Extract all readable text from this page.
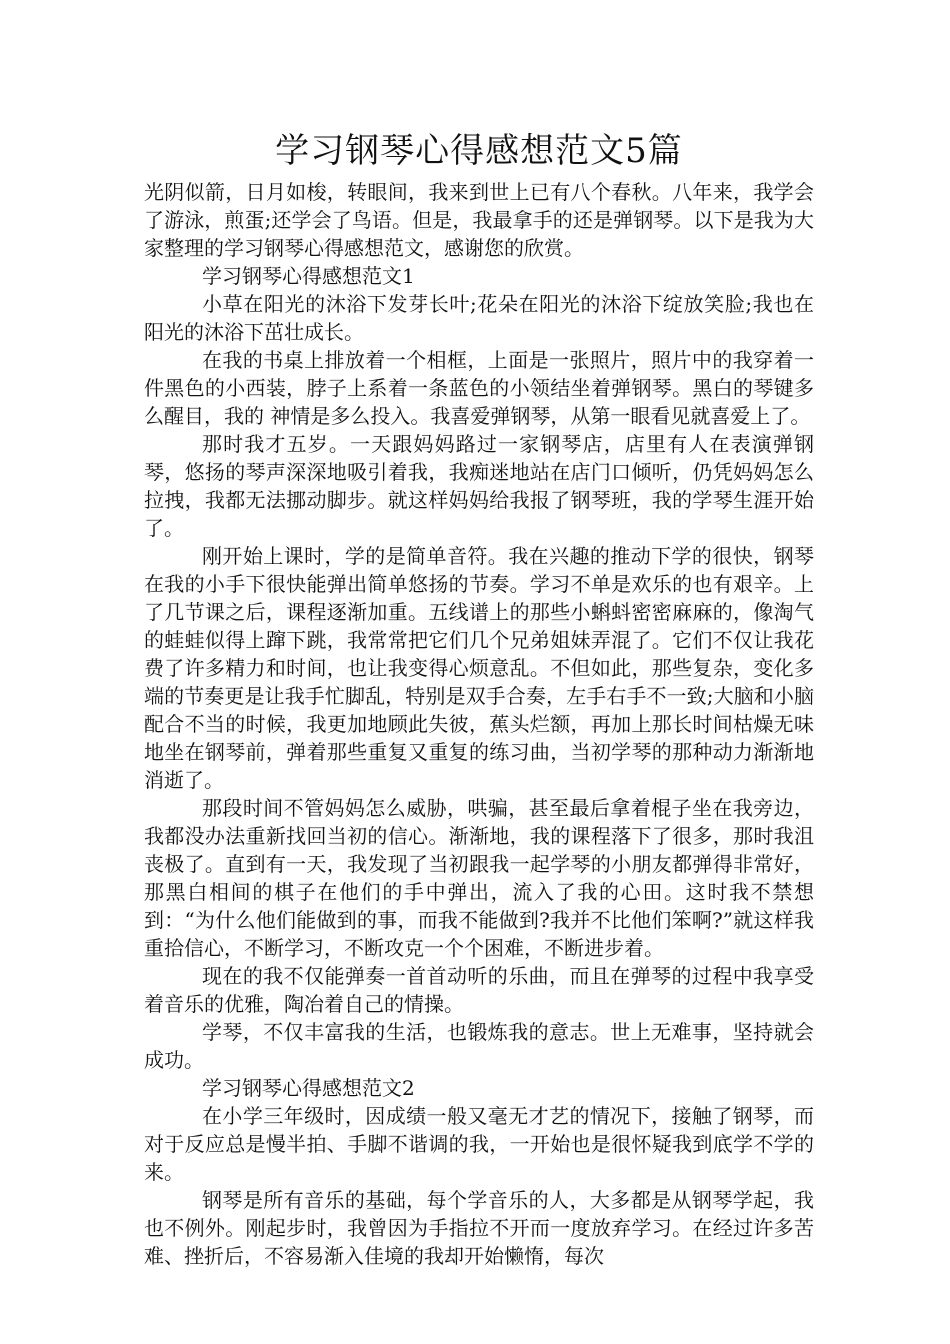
学习钢琴心得感想范文5篇

光阴似箭，日月如梭，转眼间，我来到世上已有八个春秋。八年来，我学会了游泳，煎蛋;还学会了鸟语。但是，我最拿手的还是弹钢琴。以下是我为大家整理的学习钢琴心得感想范文，感谢您的欣赏。

学习钢琴心得感想范文1

小草在阳光的沐浴下发芽长叶;花朵在阳光的沐浴下绽放笑脸;我也在阳光的沐浴下茁壮成长。

在我的书桌上排放着一个相框，上面是一张照片，照片中的我穿着一件黑色的小西装，脖子上系着一条蓝色的小领结坐着弹钢琴。黑白的琴键多么醒目，我的 神情是多么投入。我喜爱弹钢琴，从第一眼看见就喜爱上了。

那时我才五岁。一天跟妈妈路过一家钢琴店，店里有人在表演弹钢琴，悠扬的琴声深深地吸引着我，我痴迷地站在店门口倾听，仍凭妈妈怎么拉拽，我都无法挪动脚步。就这样妈妈给我报了钢琴班，我的学琴生涯开始了。

刚开始上课时，学的是简单音符。我在兴趣的推动下学的很快，钢琴在我的小手下很快能弹出简单悠扬的节奏。学习不单是欢乐的也有艰辛。上了几节课之后，课程逐渐加重。五线谱上的那些小蝌蚪密密麻麻的，像淘气的蛙蛙似得上蹿下跳，我常常把它们几个兄弟姐妹弄混了。它们不仅让我花费了许多精力和时间，也让我变得心烦意乱。不但如此，那些复杂，变化多端的节奏更是让我手忙脚乱，特别是双手合奏，左手右手不一致;大脑和小脑配合不当的时候，我更加地顾此失彼，蕉头烂额，再加上那长时间枯燥无味地坐在钢琴前，弹着那些重复又重复的练习曲，当初学琴的那种动力渐渐地消逝了。

那段时间不管妈妈怎么威胁，哄骗，甚至最后拿着棍子坐在我旁边，我都没办法重新找回当初的信心。渐渐地，我的课程落下了很多，那时我沮丧极了。直到有一天，我发现了当初跟我一起学琴的小朋友都弹得非常好，那黑白相间的棋子在他们的手中弹出，流入了我的心田。这时我不禁想到：“为什么他们能做到的事，而我不能做到?我并不比他们笨啊?”就这样我重拾信心，不断学习，不断攻克一个个困难，不断进步着。

现在的我不仅能弹奏一首首动听的乐曲，而且在弹琴的过程中我享受着音乐的优雅，陶冶着自己的情操。

学琴，不仅丰富我的生活，也锻炼我的意志。世上无难事，坚持就会成功。

学习钢琴心得感想范文2

在小学三年级时，因成绩一般又毫无才艺的情况下，接触了钢琴，而对于反应总是慢半拍、手脚不谐调的我，一开始也是很怀疑我到底学不学的来。

钢琴是所有音乐的基础，每个学音乐的人，大多都是从钢琴学起，我也不例外。刚起步时，我曾因为手指拉不开而一度放弃学习。在经过许多苦难、挫折后，不容易渐入佳境的我却开始懒惰，每次
